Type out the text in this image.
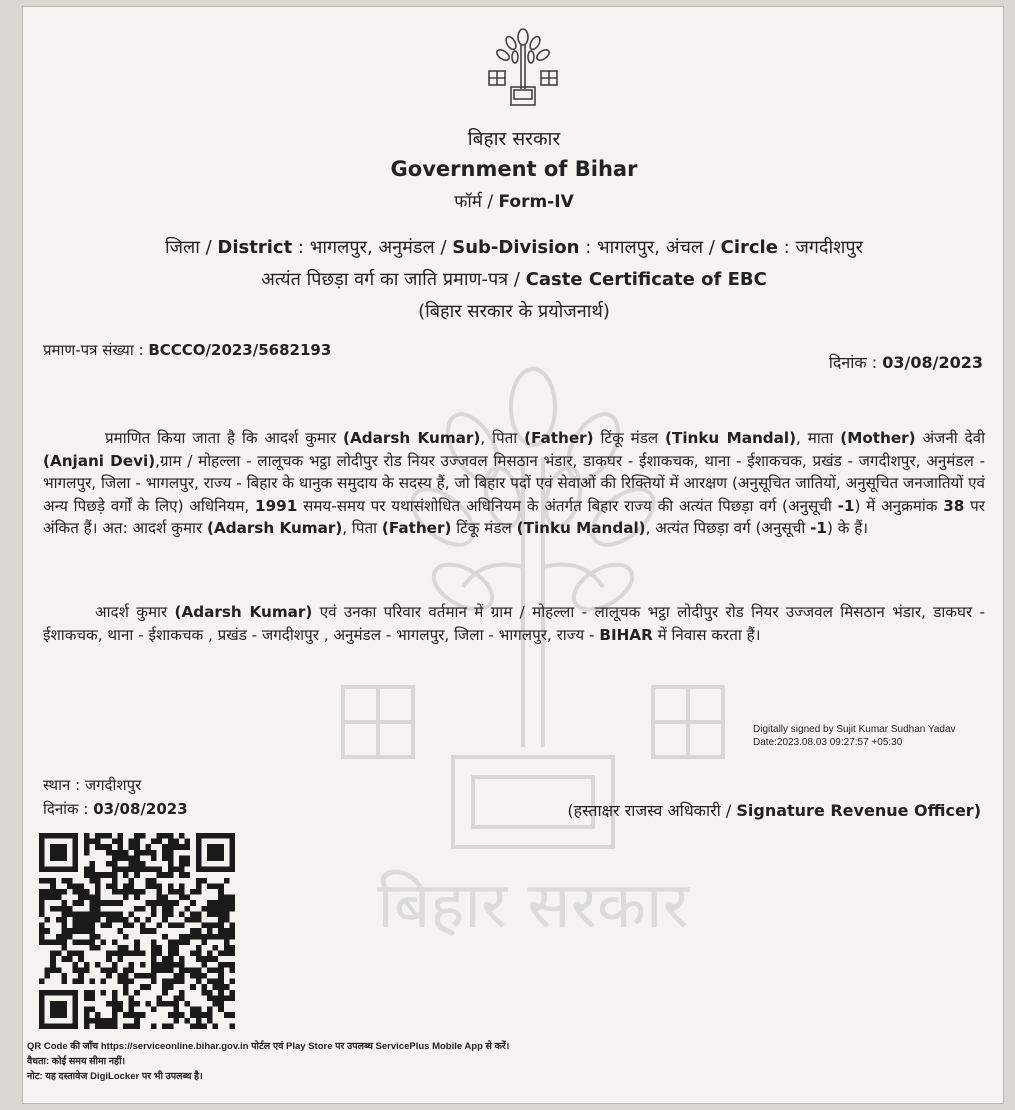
बिहार सरकार
बिहार सरकार
Government of Bihar
फॉर्म / Form-IV
जिला / District : भागलपुर, अनुमंडल / Sub-Division : भागलपुर, अंचल / Circle : जगदीशपुर
अत्यंत पिछड़ा वर्ग का जाति प्रमाण-पत्र / Caste Certificate of EBC
(बिहार सरकार के प्रयोजनार्थ)
प्रमाण-पत्र संख्या : BCCCO/2023/5682193
दिनांक : 03/08/2023
प्रमाणित किया जाता है कि आदर्श कुमार (Adarsh Kumar), पिता (Father) टिंकू मंडल (Tinku Mandal), माता (Mother) अंजनी देवी (Anjani Devi),ग्राम / मोहल्ला - लालूचक भट्ठा लोदीपुर रोड नियर उज्जवल मिसठान भंडार, डाकघर - ईशाकचक, थाना - ईशाकचक, प्रखंड - जगदीशपुर, अनुमंडल - भागलपुर, जिला - भागलपुर, राज्य - बिहार के धानुक समुदाय के सदस्य हैं, जो बिहार पदों एवं सेवाओं की रिक्तियों में आरक्षण (अनुसूचित जातियों, अनुसूचित जनजातियों एवं अन्य पिछड़े वर्गों के लिए) अधिनियम, 1991 समय-समय पर यथासंशोधित अधिनियम के अंतर्गत बिहार राज्य की अत्यंत पिछड़ा वर्ग (अनुसूची -1) में अनुक्रमांक 38 पर अंकित हैं। अत: आदर्श कुमार (Adarsh Kumar), पिता (Father) टिंकू मंडल (Tinku Mandal), अत्यंत पिछड़ा वर्ग (अनुसूची -1) के हैं।
आदर्श कुमार (Adarsh Kumar) एवं उनका परिवार वर्तमान में ग्राम / मोहल्ला - लालूचक भट्ठा लोदीपुर रोड नियर उज्जवल मिसठान भंडार, डाकघर - ईशाकचक, थाना - ईशाकचक , प्रखंड - जगदीशपुर , अनुमंडल - भागलपुर, जिला - भागलपुर, राज्य - BIHAR में निवास करता हैं।
Digitally signed by Sujit Kumar Sudhan Yadav
Date:2023.08.03 09:27:57 +05:30
स्थान : जगदीशपुर
दिनांक : 03/08/2023	(हस्ताक्षर राजस्व अधिकारी / Signature Revenue Officer)
QR Code की जाँच https://serviceonline.bihar.gov.in पोर्टल एवं Play Store पर उपलब्ध ServicePlus Mobile App से करें।
वैधता: कोई समय सीमा नहीं।
नोट: यह दस्तावेज DigiLocker पर भी उपलब्ध है।
